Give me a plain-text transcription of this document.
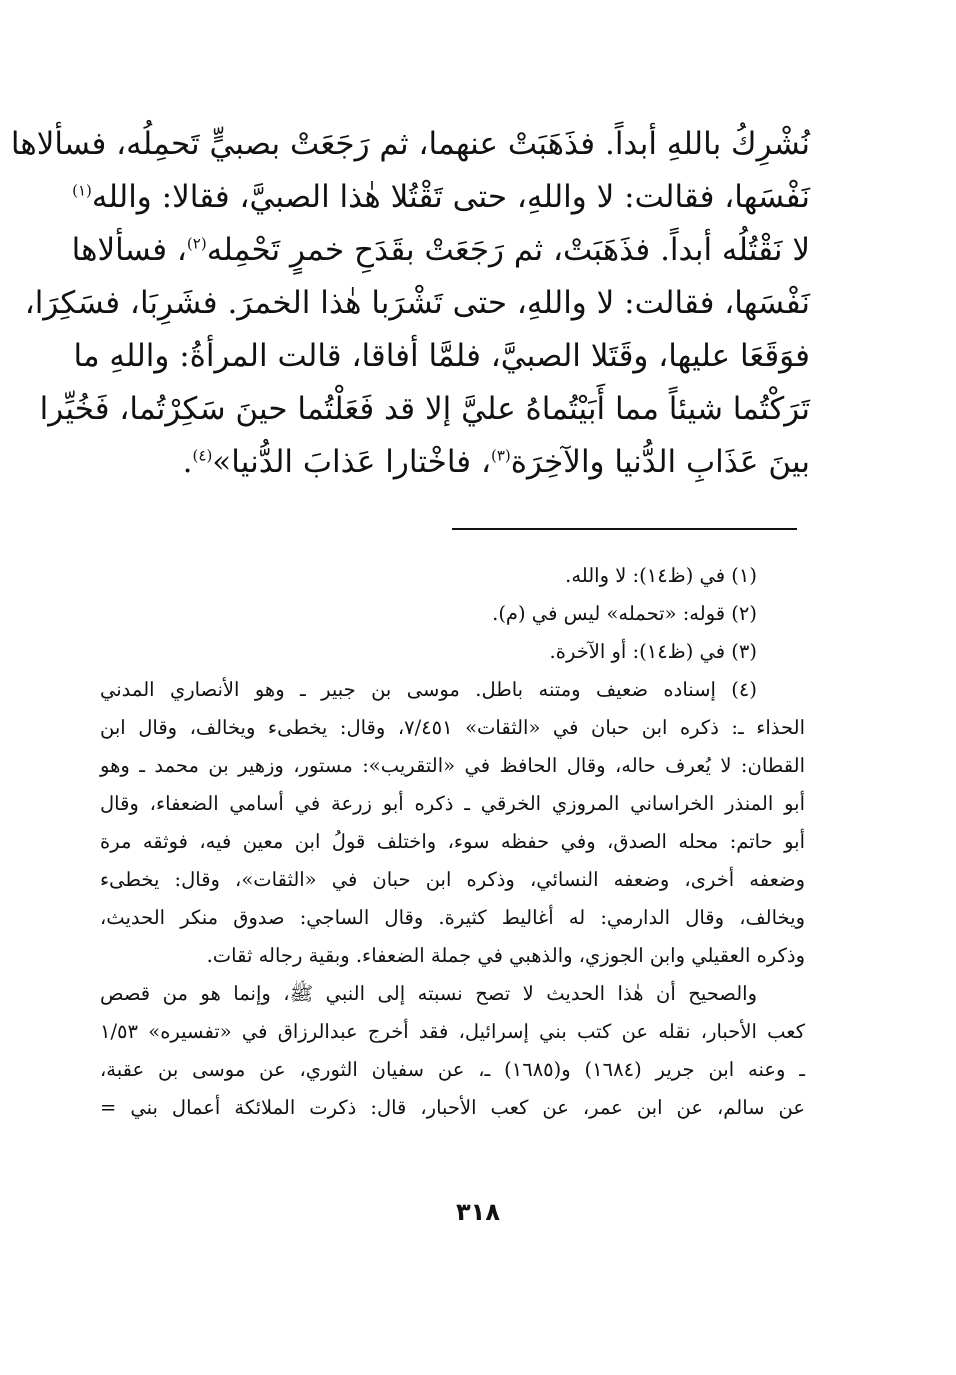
نُشْرِكُ باللهِ أبداً. فذَهَبَتْ عنهما، ثم رَجَعَتْ بصبيٍّ تَحمِلُه، فسألاها
نَفْسَها، فقالت: لا واللهِ، حتى تَقْتُلا هٰذا الصبيَّ، فقالا: والله$^{(١)}$
لا نَقْتُلُه أبداً. فذَهَبَتْ، ثم رَجَعَتْ بقَدَحِ خمرٍ تَحْمِله$^{(٢)}$، فسألاها
نَفْسَها، فقالت: لا واللهِ، حتى تَشْرَبا هٰذا الخمرَ. فشَرِبَا، فسَكِرَا،
فوَقَعَا عليها، وقَتَلا الصبيَّ، فلمَّا أفاقا، قالت المرأةُ: واللهِ ما
تَرَكْتُما شيئاً مما أَبَيْتُماهُ عليَّ إلا قد فَعَلْتُما حينَ سَكِرْتُما، فَخُيِّرا
بينَ عَذَابِ الدُّنيا والآخِرَة$^{(٣)}$، فاخْتارا عَذابَ الدُّنيا»$^{(٤)}$.
(١) في (ظ١٤): لا والله.
(٢) قوله: «تحمله» ليس في (م).
(٣) في (ظ١٤): أو الآخرة.
(٤) إسناده ضعيف ومتنه باطل. موسى بن جبير ـ وهو الأنصاري المدني
الحذاء ـ: ذكره ابن حبان في «الثقات» ٧/٤٥١، وقال: يخطىء ويخالف، وقال ابن
القطان: لا يُعرف حاله، وقال الحافظ في «التقريب»: مستور، وزهير بن محمد ـ وهو
أبو المنذر الخراساني المروزي الخرقي ـ ذكره أبو زرعة في أسامي الضعفاء، وقال
أبو حاتم: محله الصدق، وفي حفظه سوء، واختلف قولُ ابن معين فيه، فوثقه مرة
وضعفه أخرى، وضعفه النسائي، وذكره ابن حبان في «الثقات»، وقال: يخطىء
ويخالف، وقال الدارمي: له أغاليط كثيرة. وقال الساجي: صدوق منكر الحديث،
وذكره العقيلي وابن الجوزي، والذهبي في جملة الضعفاء. وبقية رجاله ثقات.
والصحيح أن هٰذا الحديث لا تصح نسبته إلى النبي ﷺ، وإنما هو من قصص
كعب الأحبار، نقله عن كتب بني إسرائيل، فقد أخرج عبدالرزاق في «تفسيره» ١/٥٣
ـ وعنه ابن جرير (١٦٨٤) و(١٦٨٥) ـ، عن سفيان الثوري، عن موسى بن عقبة،
عن سالم، عن ابن عمر، عن كعب الأحبار، قال: ذكرت الملائكة أعمال بني =
٣١٨
